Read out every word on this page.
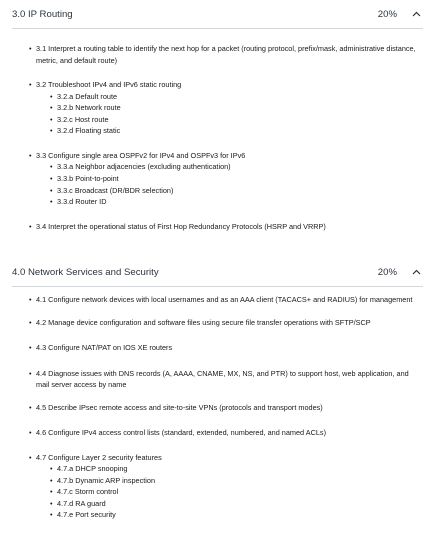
3.0 IP Routing	20%
• 3.1 Interpret a routing table to identify the next hop for a packet (routing protocol, prefix/mask, administrative distance, metric, and default route)
• 3.2 Troubleshoot IPv4 and IPv6 static routing
• 3.2.a Default route
• 3.2.b Network route
• 3.2.c Host route
• 3.2.d Floating static
• 3.3 Configure single area OSPFv2 for IPv4 and OSPFv3 for IPv6
• 3.3.a Neighbor adjacencies (excluding authentication)
• 3.3.b Point-to-point
• 3.3.c Broadcast (DR/BDR selection)
• 3.3.d Router ID
• 3.4 Interpret the operational status of First Hop Redundancy Protocols (HSRP and VRRP)
4.0 Network Services and Security	20%
• 4.1 Configure network devices with local usernames and as an AAA client (TACACS+ and RADIUS) for management
• 4.2 Manage device configuration and software files using secure file transfer operations with SFTP/SCP
• 4.3 Configure NAT/PAT on IOS XE routers
• 4.4 Diagnose issues with DNS records (A, AAAA, CNAME, MX, NS, and PTR) to support host, web application, and mail server access by name
• 4.5 Describe IPsec remote access and site-to-site VPNs (protocols and transport modes)
• 4.6 Configure IPv4 access control lists (standard, extended, numbered, and named ACLs)
• 4.7 Configure Layer 2 security features
• 4.7.a DHCP snooping
• 4.7.b Dynamic ARP inspection
• 4.7.c Storm control
• 4.7.d RA guard
• 4.7.e Port security
